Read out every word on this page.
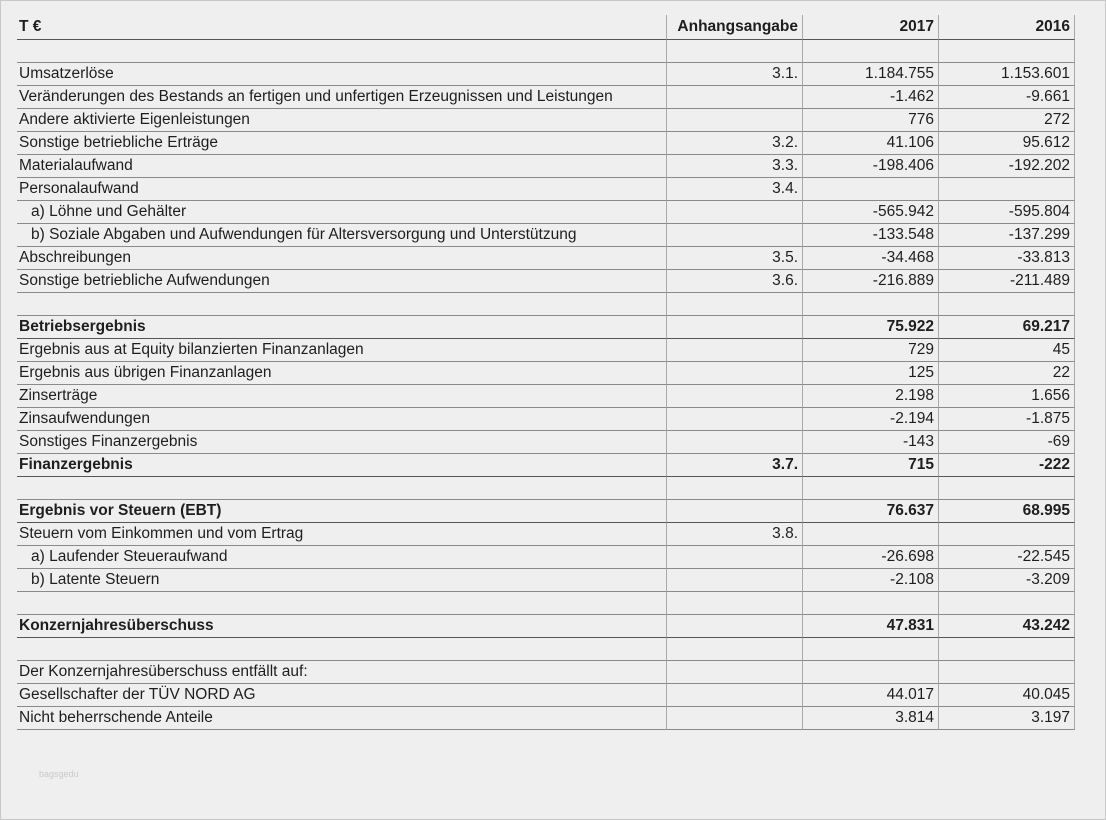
T €	Anhangsangabe	2017	2016

Umsatzerlöse	3.1.	1.184.755	1.153.601
Veränderungen des Bestands an fertigen und unfertigen Erzeugnissen und Leistungen		-1.462	-9.661
Andere aktivierte Eigenleistungen		776	272
Sonstige betriebliche Erträge	3.2.	41.106	95.612
Materialaufwand	3.3.	-198.406	-192.202
Personalaufwand	3.4.		
a) Löhne und Gehälter		-565.942	-595.804
b) Soziale Abgaben und Aufwendungen für Altersversorgung und Unterstützung		-133.548	-137.299
Abschreibungen	3.5.	-34.468	-33.813
Sonstige betriebliche Aufwendungen	3.6.	-216.889	-211.489

Betriebsergebnis		75.922	69.217
Ergebnis aus at Equity bilanzierten Finanzanlagen		729	45
Ergebnis aus übrigen Finanzanlagen		125	22
Zinserträge		2.198	1.656
Zinsaufwendungen		-2.194	-1.875
Sonstiges Finanzergebnis		-143	-69
Finanzergebnis	3.7.	715	-222

Ergebnis vor Steuern (EBT)		76.637	68.995
Steuern vom Einkommen und vom Ertrag	3.8.		
a) Laufender Steueraufwand		-26.698	-22.545
b) Latente Steuern		-2.108	-3.209

Konzernjahresüberschuss		47.831	43.242

Der Konzernjahresüberschuss entfällt auf:			
Gesellschafter der TÜV NORD AG		44.017	40.045
Nicht beherrschende Anteile		3.814	3.197
bagsgedu
